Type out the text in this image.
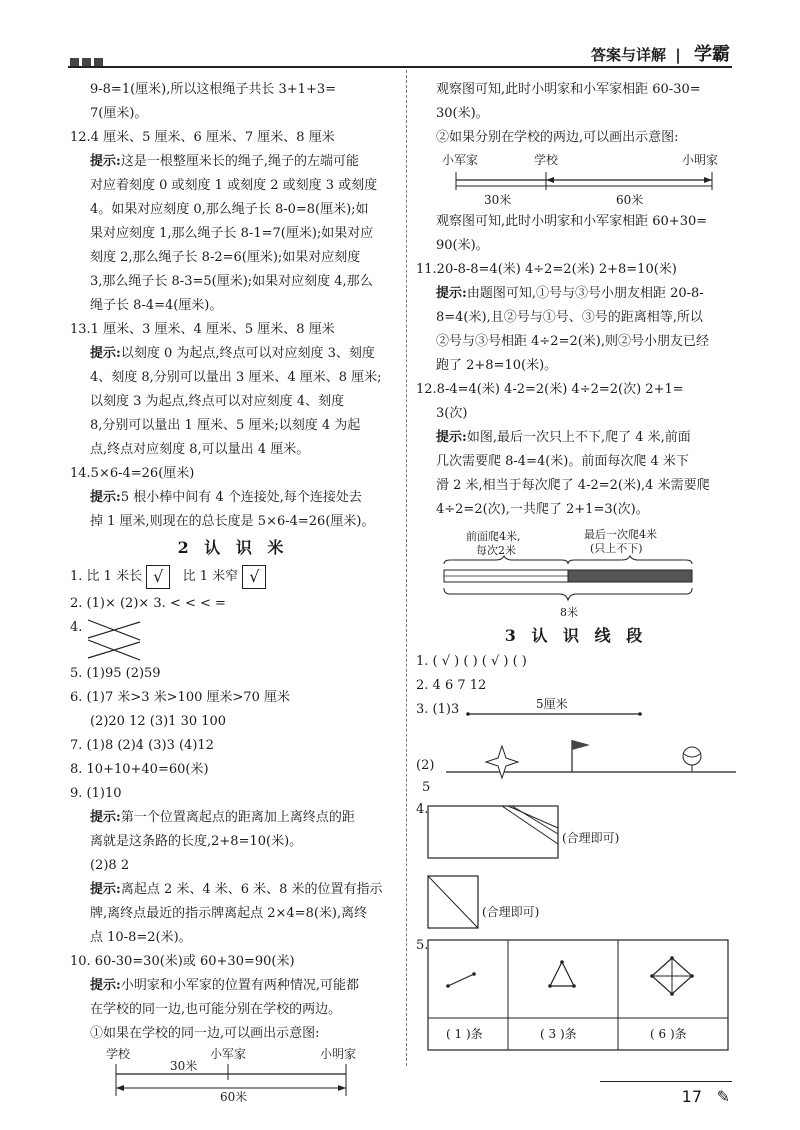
答案与详解 | 学霸

9-8=1(厘米),所以这根绳子共长 3+1+3=

7(厘米)。

12.4 厘米、5 厘米、6 厘米、7 厘米、8 厘米

提示:这是一根整厘米长的绳子,绳子的左端可能

对应着刻度 0 或刻度 1 或刻度 2 或刻度 3 或刻度

4。如果对应刻度 0,那么绳子长 8-0=8(厘米);如

果对应刻度 1,那么绳子长 8-1=7(厘米);如果对应

刻度 2,那么绳子长 8-2=6(厘米);如果对应刻度

3,那么绳子长 8-3=5(厘米);如果对应刻度 4,那么

绳子长 8-4=4(厘米)。

13.1 厘米、3 厘米、4 厘米、5 厘米、8 厘米

提示:以刻度 0 为起点,终点可以对应刻度 3、刻度

4、刻度 8,分别可以量出 3 厘米、4 厘米、8 厘米;

以刻度 3 为起点,终点可以对应刻度 4、刻度

8,分别可以量出 1 厘米、5 厘米;以刻度 4 为起

点,终点对应刻度 8,可以量出 4 厘米。

14.5×6-4=26(厘米)

提示:5 根小棒中间有 4 个连接处,每个连接处去

掉 1 厘米,则现在的总长度是 5×6-4=26(厘米)。

2 认 识 米

1. 比 1 米长 √ 比 1 米窄 √

2. (1)× (2)× 3. < < < =

4.

5. (1)95 (2)59

6. (1)7 米>3 米>100 厘米>70 厘米

(2)20 12 (3)1 30 100

7. (1)8 (2)4 (3)3 (4)12

8. 10+10+40=60(米)

9. (1)10

提示:第一个位置离起点的距离加上离终点的距

离就是这条路的长度,2+8=10(米)。

(2)8 2

提示:离起点 2 米、4 米、6 米、8 米的位置有指示

牌,离终点最近的指示牌离起点 2×4=8(米),离终

点 10-8=2(米)。

10. 60-30=30(米)或 60+30=90(米)

提示:小明家和小军家的位置有两种情况,可能都

在学校的同一边,也可能分别在学校的两边。

①如果在学校的同一边,可以画出示意图:

学校	小军家	小明家
30米
60米

观察图可知,此时小明家和小军家相距 60-30=

30(米)。

②如果分别在学校的两边,可以画出示意图:

小军家	学校	小明家
30米	60米

观察图可知,此时小明家和小军家相距 60+30=

90(米)。

11.20-8-8=4(米) 4÷2=2(米) 2+8=10(米)

提示:由题图可知,①号与③号小朋友相距 20-8-

8=4(米),且②号与①号、③号的距离相等,所以

②号与③号相距 4÷2=2(米),则②号小朋友已经

跑了 2+8=10(米)。

12.8-4=4(米) 4-2=2(米) 4÷2=2(次) 2+1=

3(次)

提示:如图,最后一次只上不下,爬了 4 米,前面

几次需要爬 8-4=4(米)。前面每次爬 4 米下

滑 2 米,相当于每次爬了 4-2=2(米),4 米需要爬

4÷2=2(次),一共爬了 2+1=3(次)。

前面爬4米,
每次2米
最后一次爬4米
(只上不下)
8米

3 认 识 线 段

1. ( √ ) ( ) ( √ ) ( )

2. 4 6 7 12

3. (1)3	5厘米
(2)
5
4.
(合理即可)
(合理即可)
5.
( 1 )条	( 3 )条	( 6 )条
17 ✎
